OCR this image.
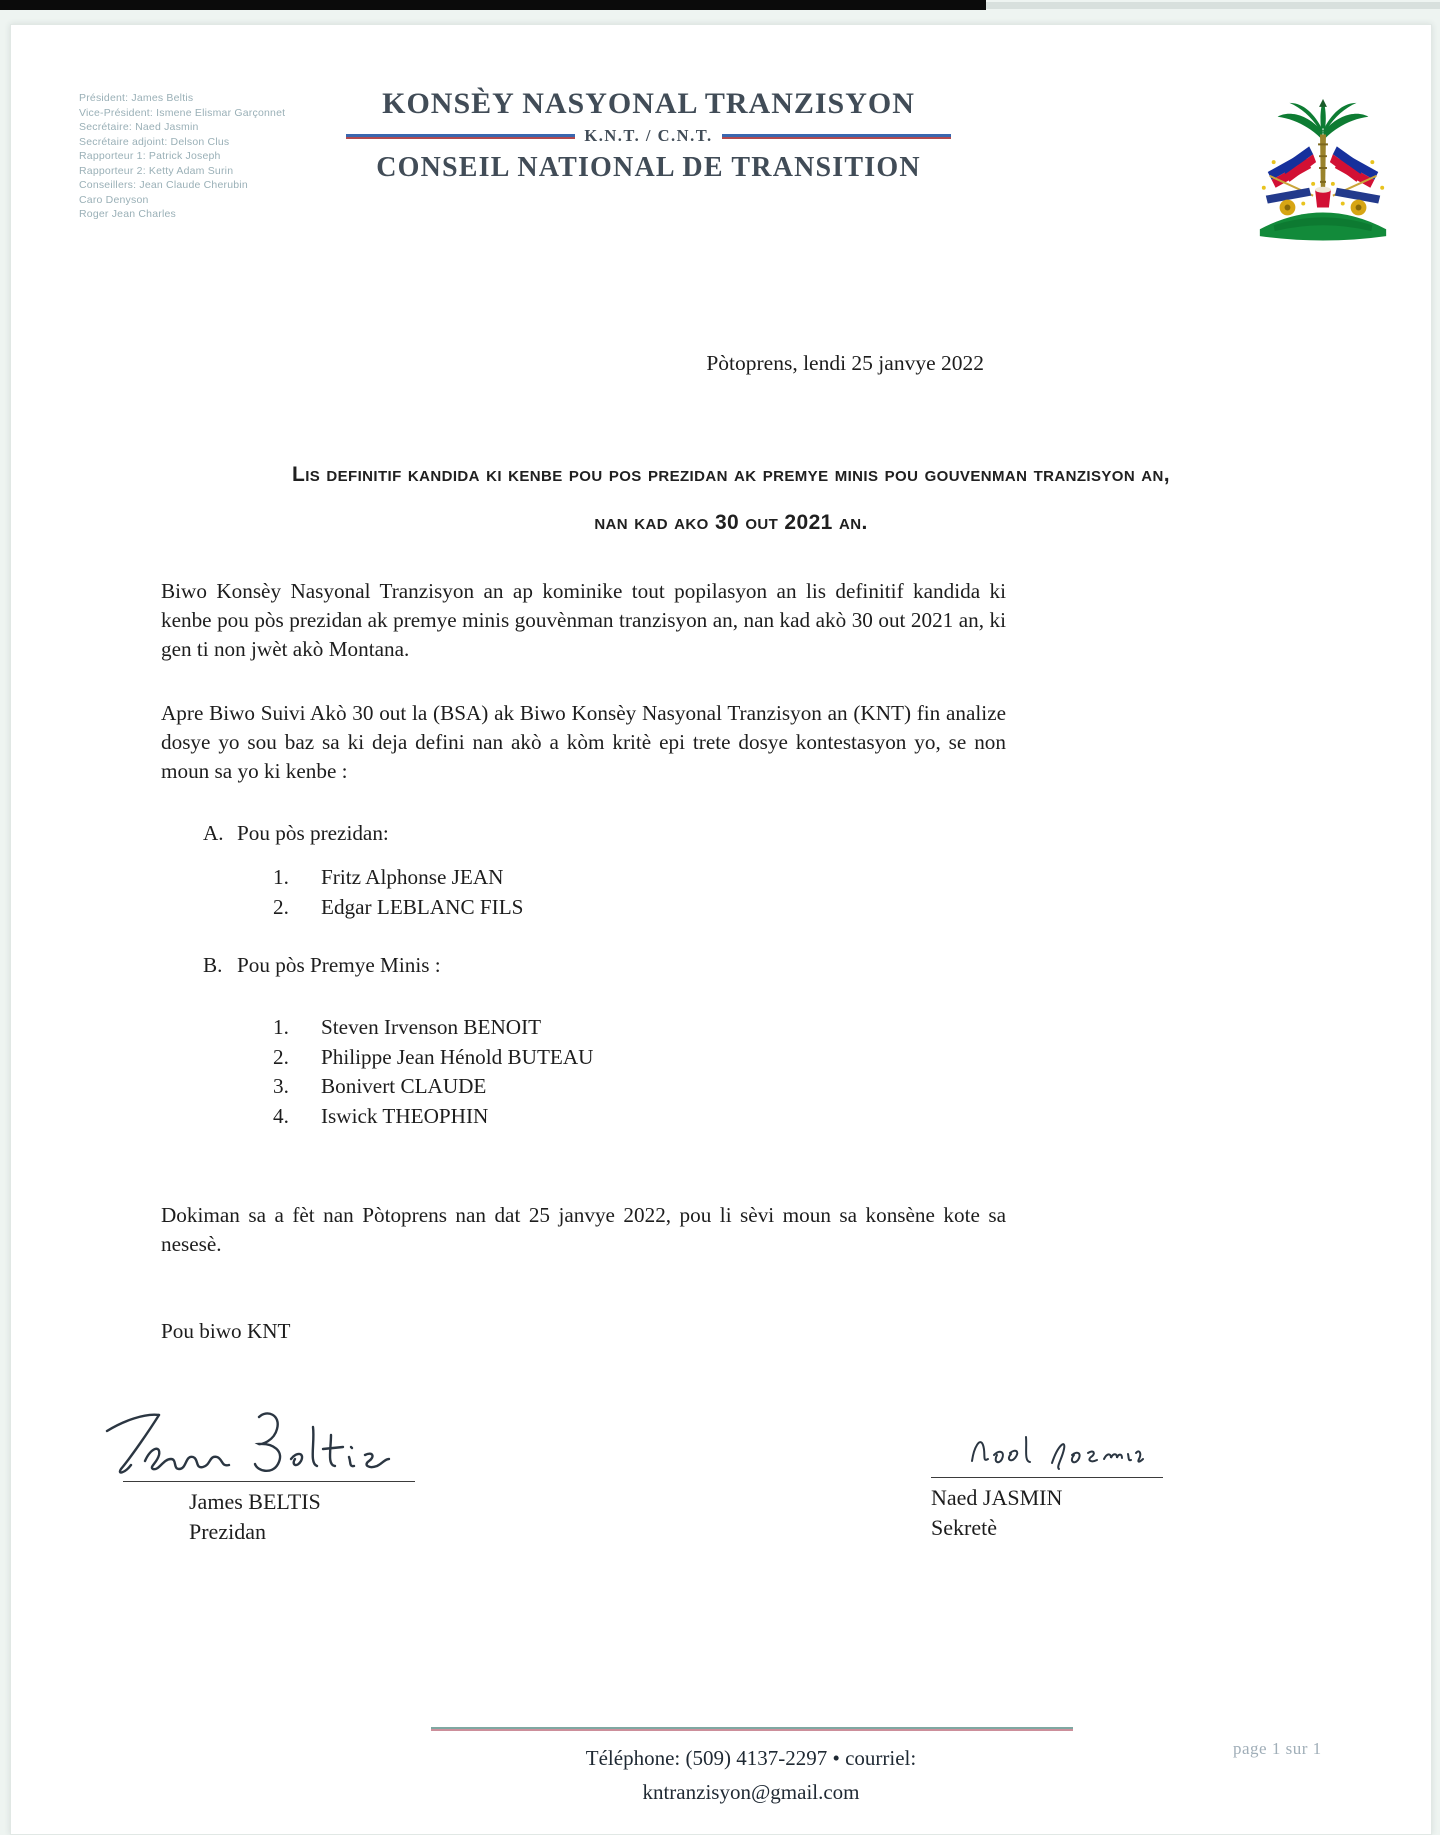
Président: James Beltis
Vice-Président: Ismene Elismar Garçonnet
Secrétaire: Naed Jasmin
Secrétaire adjoint: Delson Clus
Rapporteur 1: Patrick Joseph
Rapporteur 2: Ketty Adam Surin
Conseillers: Jean Claude Cherubin
Caro Denyson
Roger Jean Charles
KONSÈY NASYONAL TRANZISYON
K.N.T. / C.N.T.
CONSEIL NATIONAL DE TRANSITION
Pòtoprens, lendi 25 janvye 2022
Lis definitif kandida ki kenbe pou pos prezidan ak premye minis pou gouvenman tranzisyon an,
nan kad ako 30 out 2021 an.

Biwo Konsèy Nasyonal Tranzisyon an ap kominike tout popilasyon an lis definitif kandida ki kenbe pou pòs prezidan ak premye minis gouvènman tranzisyon an, nan kad akò 30 out 2021 an, ki gen ti non jwèt akò Montana.

Apre Biwo Suivi Akò 30 out la (BSA) ak Biwo Konsèy Nasyonal Tranzisyon an (KNT) fin analize dosye yo sou baz sa ki deja defini nan akò a kòm kritè epi trete dosye kontestasyon yo, se non moun sa yo ki kenbe :

A. Pou pòs prezidan:
1.	Fritz Alphonse JEAN
2.	Edgar LEBLANC FILS
B. Pou pòs Premye Minis :
1.	Steven Irvenson BENOIT
2.	Philippe Jean Hénold BUTEAU
3.	Bonivert CLAUDE
4.	Iswick THEOPHIN

Dokiman sa a fèt nan Pòtoprens nan dat 25 janvye 2022, pou li sèvi moun sa konsène kote sa nesesè.

Pou biwo KNT
James BELTIS
Prezidan
Naed JASMIN
Sekretè
Téléphone: (509) 4137-2297 • courriel:
kntranzisyon@gmail.com
page 1 sur 1
